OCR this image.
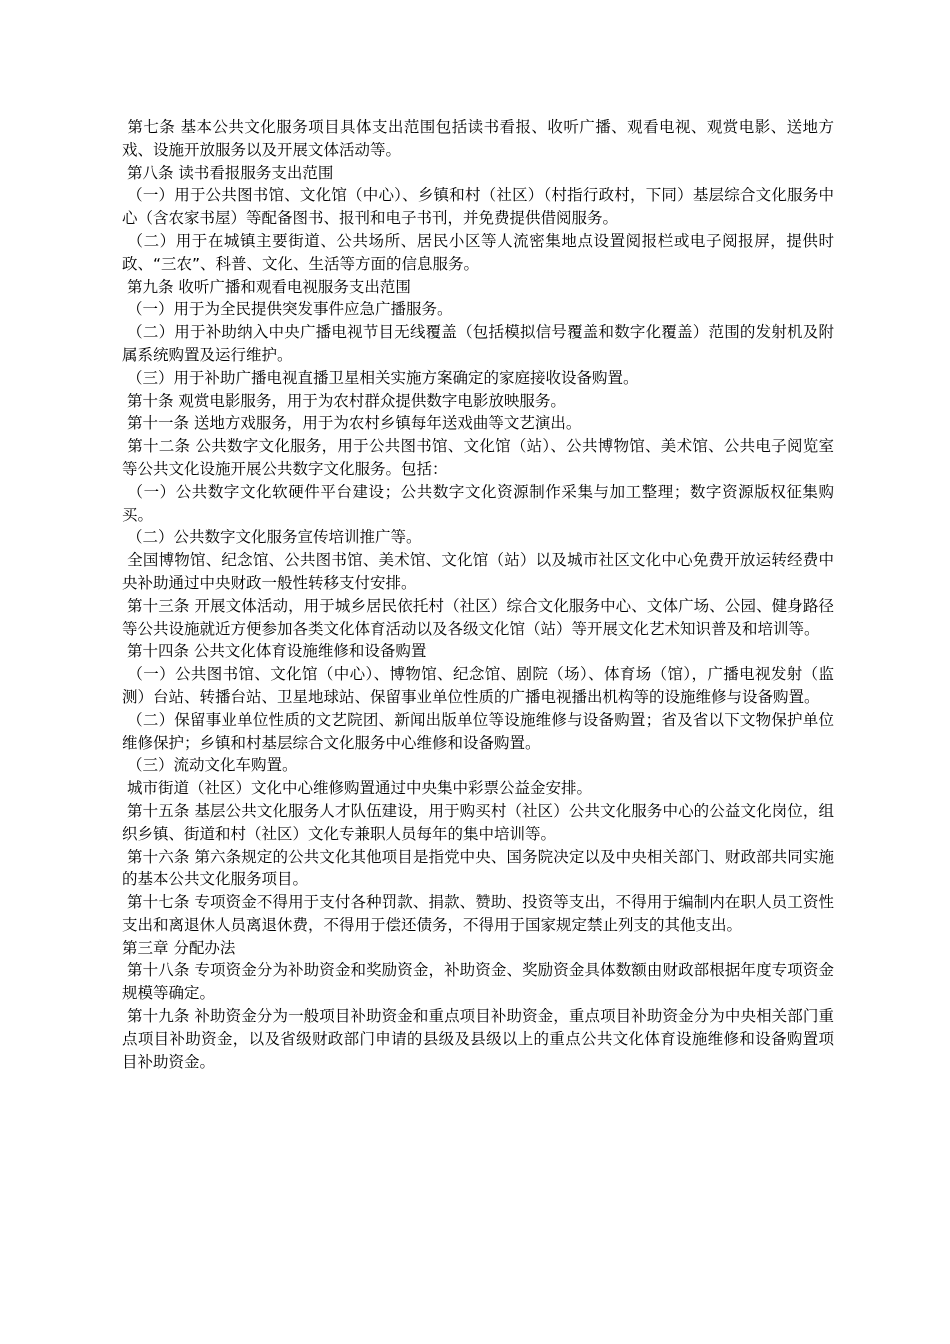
第七条 基本公共文化服务项目具体支出范围包括读书看报、收听广播、观看电视、观赏电影、送地方戏、设施开放服务以及开展文体活动等。

第八条 读书看报服务支出范围

（一）用于公共图书馆、文化馆（中心）、乡镇和村（社区）（村指行政村，下同）基层综合文化服务中心（含农家书屋）等配备图书、报刊和电子书刊，并免费提供借阅服务。

（二）用于在城镇主要街道、公共场所、居民小区等人流密集地点设置阅报栏或电子阅报屏，提供时政、“三农”、科普、文化、生活等方面的信息服务。

第九条 收听广播和观看电视服务支出范围

（一）用于为全民提供突发事件应急广播服务。

（二）用于补助纳入中央广播电视节目无线覆盖（包括模拟信号覆盖和数字化覆盖）范围的发射机及附属系统购置及运行维护。

（三）用于补助广播电视直播卫星相关实施方案确定的家庭接收设备购置。

第十条 观赏电影服务，用于为农村群众提供数字电影放映服务。

第十一条 送地方戏服务，用于为农村乡镇每年送戏曲等文艺演出。

第十二条 公共数字文化服务，用于公共图书馆、文化馆（站）、公共博物馆、美术馆、公共电子阅览室等公共文化设施开展公共数字文化服务。包括：

（一）公共数字文化软硬件平台建设；公共数字文化资源制作采集与加工整理；数字资源版权征集购买。

（二）公共数字文化服务宣传培训推广等。

全国博物馆、纪念馆、公共图书馆、美术馆、文化馆（站）以及城市社区文化中心免费开放运转经费中央补助通过中央财政一般性转移支付安排。

第十三条 开展文体活动，用于城乡居民依托村（社区）综合文化服务中心、文体广场、公园、健身路径等公共设施就近方便参加各类文化体育活动以及各级文化馆（站）等开展文化艺术知识普及和培训等。

第十四条 公共文化体育设施维修和设备购置

（一）公共图书馆、文化馆（中心）、博物馆、纪念馆、剧院（场）、体育场（馆），广播电视发射（监测）台站、转播台站、卫星地球站、保留事业单位性质的广播电视播出机构等的设施维修与设备购置。

（二）保留事业单位性质的文艺院团、新闻出版单位等设施维修与设备购置；省及省以下文物保护单位维修保护；乡镇和村基层综合文化服务中心维修和设备购置。

（三）流动文化车购置。

城市街道（社区）文化中心维修购置通过中央集中彩票公益金安排。

第十五条 基层公共文化服务人才队伍建设，用于购买村（社区）公共文化服务中心的公益文化岗位，组织乡镇、街道和村（社区）文化专兼职人员每年的集中培训等。

第十六条 第六条规定的公共文化其他项目是指党中央、国务院决定以及中央相关部门、财政部共同实施的基本公共文化服务项目。

第十七条 专项资金不得用于支付各种罚款、捐款、赞助、投资等支出，不得用于编制内在职人员工资性支出和离退休人员离退休费，不得用于偿还债务，不得用于国家规定禁止列支的其他支出。

第三章 分配办法

第十八条 专项资金分为补助资金和奖励资金，补助资金、奖励资金具体数额由财政部根据年度专项资金规模等确定。

第十九条 补助资金分为一般项目补助资金和重点项目补助资金，重点项目补助资金分为中央相关部门重点项目补助资金，以及省级财政部门申请的县级及县级以上的重点公共文化体育设施维修和设备购置项目补助资金。
